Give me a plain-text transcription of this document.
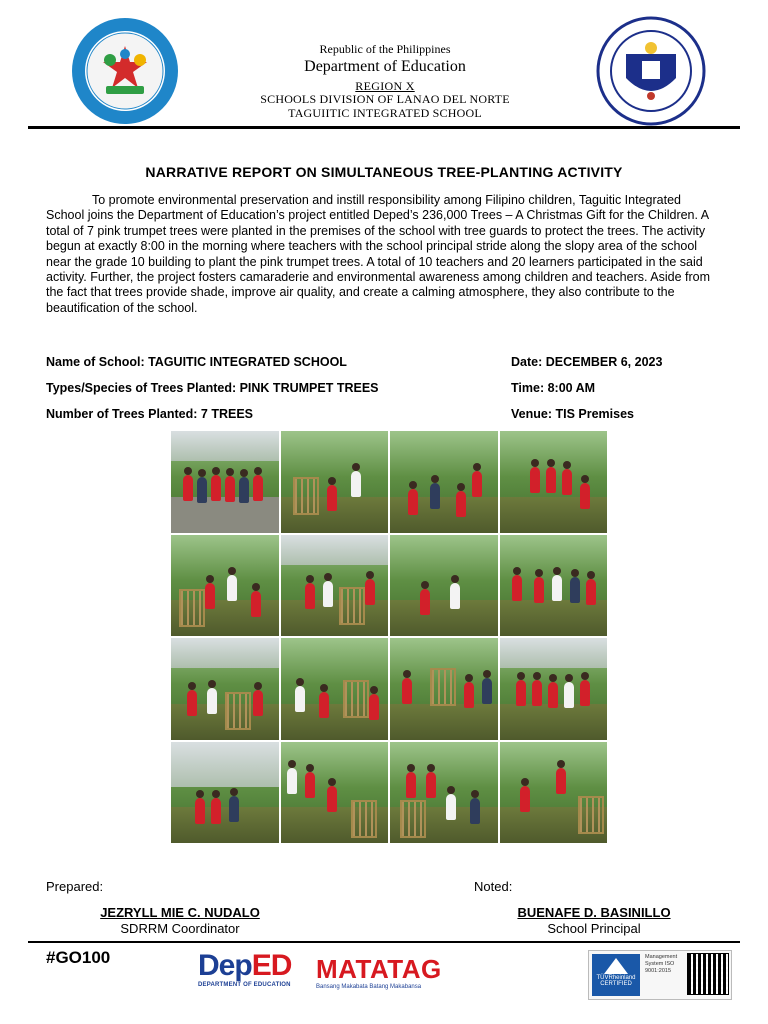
Republic of the Philippines
Department of Education
REGION X
SCHOOLS DIVISION OF LANAO DEL NORTE
TAGUIITIC INTEGRATED SCHOOL
NARRATIVE REPORT ON SIMULTANEOUS TREE-PLANTING ACTIVITY
To promote environmental preservation and instill responsibility among Filipino children, Taguitic Integrated School joins the Department of Education’s project entitled Deped’s 236,000 Trees – A Christmas Gift for the Children. A total of 7 pink trumpet trees were planted in the premises of the school with tree guards to protect the trees. The activity begun at exactly 8:00 in the morning where teachers with the school principal stride along the slopy area of the school near the grade 10 building to plant the pink trumpet trees. A total of 10 teachers and 20 learners participated in the said activity. Further, the project fosters camaraderie and environmental awareness among children and teachers. Aside from the fact that trees provide shade, improve air quality, and create a calming atmosphere, they also contribute to the beautification of the school.
Name of School: TAGUITIC INTEGRATED SCHOOL
Types/Species of Trees Planted: PINK TRUMPET TREES
Number of Trees Planted: 7 TREES
Date: DECEMBER 6, 2023
Time: 8:00 AM
Venue: TIS Premises
Prepared:
JEZRYLL MIE C. NUDALO
SDRRM Coordinator
Noted:
BUENAFE D. BASINILLO
School Principal
#GO100	DepED
DEPARTMENT OF EDUCATION
MATATAG
Bansang Makabata Batang Makabansa
TÜVRheinland CERTIFIED
Management System ISO 9001:2015
